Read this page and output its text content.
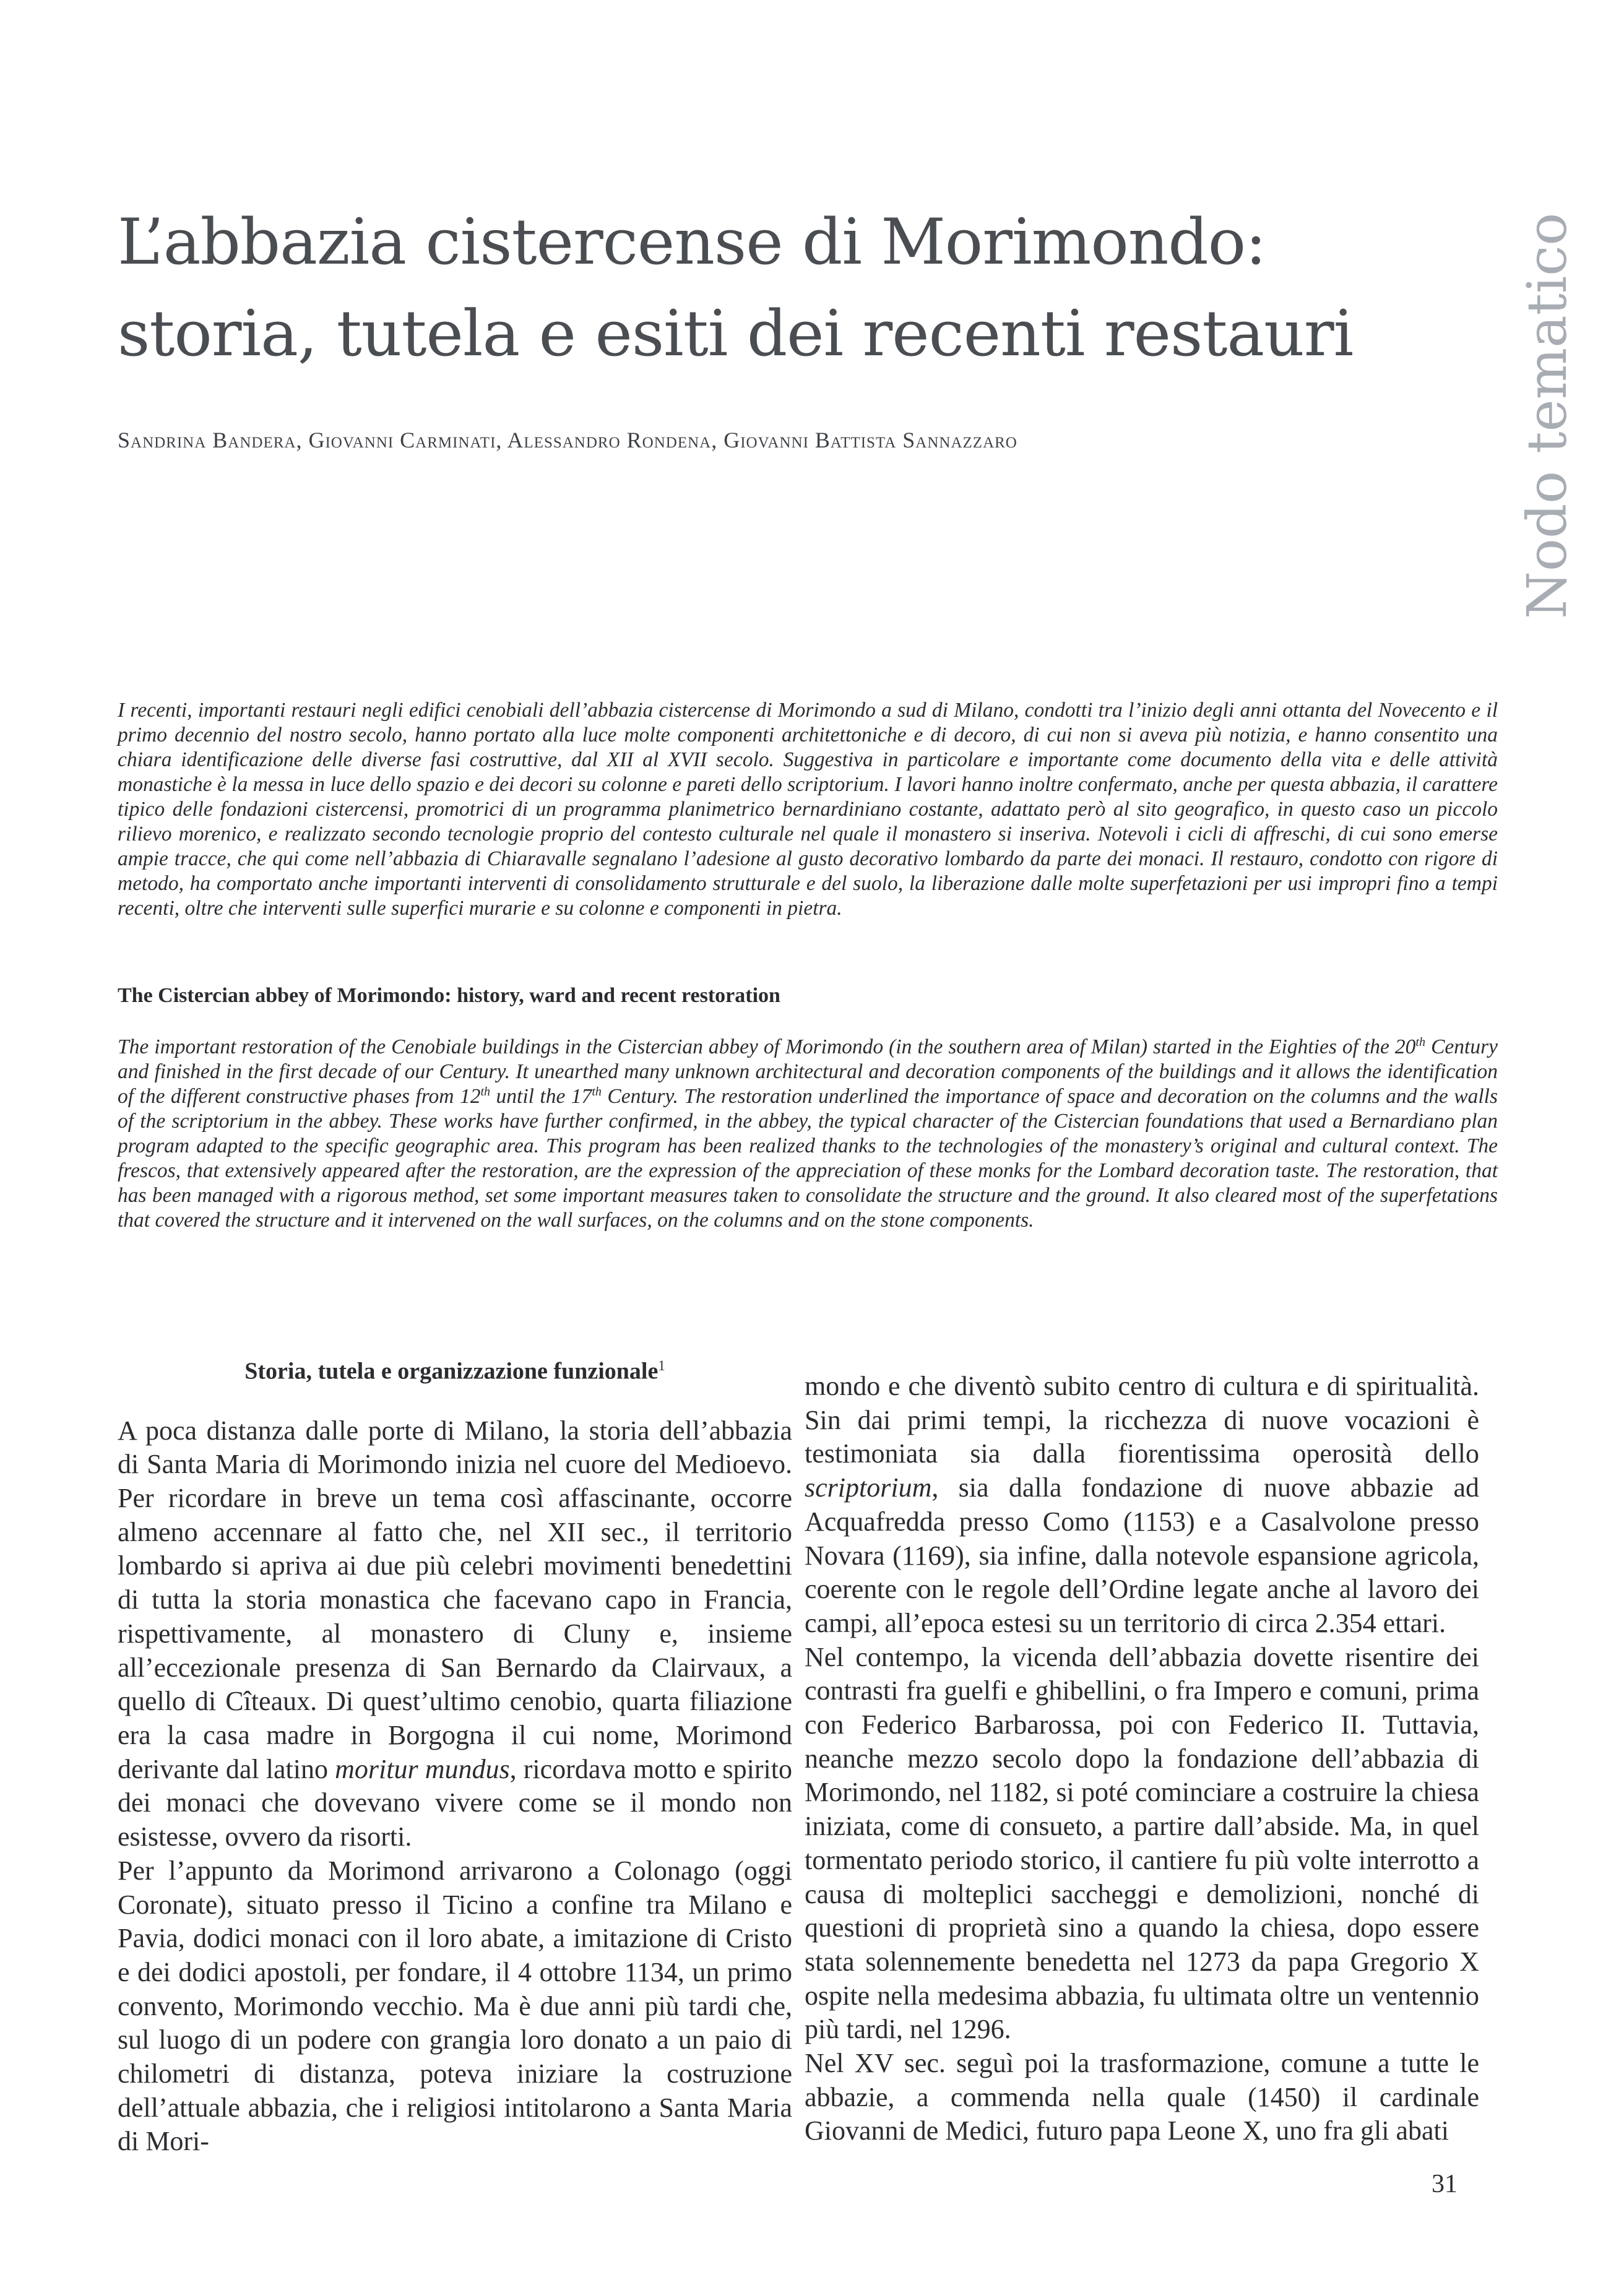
L’abbazia cistercense di Morimondo:
storia, tutela e esiti dei recenti restauri
Sandrina Bandera, Giovanni Carminati, Alessandro Rondena, Giovanni Battista Sannazzaro	Nodo tematico

I recenti, importanti restauri negli edifici cenobiali dell’abbazia cistercense di Morimondo a sud di Milano, condotti tra l’inizio degli anni ottanta del Novecento e il primo decennio del nostro secolo, hanno portato alla luce molte componenti architettoniche e di decoro, di cui non si aveva più notizia, e hanno consentito una chiara identificazione delle diverse fasi costruttive, dal XII al XVII secolo. Suggestiva in particolare e importante come documento della vita e delle attività monastiche è la messa in luce dello spazio e dei decori su colonne e pareti dello scriptorium. I lavori hanno inoltre confermato, anche per questa abbazia, il carattere tipico delle fondazioni cistercensi, promotrici di un programma planimetrico bernardiniano costante, adattato però al sito geografico, in questo caso un piccolo rilievo morenico, e realizzato secondo tecnologie proprio del contesto culturale nel quale il monastero si inseriva. Notevoli i cicli di affreschi, di cui sono emerse ampie tracce, che qui come nell’abbazia di Chiaravalle segnalano l’adesione al gusto decorativo lombardo da parte dei monaci. Il restauro, condotto con rigore di metodo, ha comportato anche importanti interventi di consolidamento strutturale e del suolo, la liberazione dalle molte superfetazioni per usi impropri fino a tempi recenti, oltre che interventi sulle superfici murarie e su colonne e componenti in pietra.

The Cistercian abbey of Morimondo: history, ward and recent restoration

The important restoration of the Cenobiale buildings in the Cistercian abbey of Morimondo (in the southern area of Milan) started in the Eighties of the 20th Century and finished in the first decade of our Century. It unearthed many unknown architectural and decoration components of the buildings and it allows the identification of the different constructive phases from 12th until the 17th Century. The restoration underlined the importance of space and decoration on the columns and the walls of the scriptorium in the abbey. These works have further confirmed, in the abbey, the typical character of the Cistercian foundations that used a Bernardiano plan program adapted to the specific geographic area. This program has been realized thanks to the technologies of the monastery’s original and cultural context. The frescos, that extensively appeared after the restoration, are the expression of the appreciation of these monks for the Lombard decoration taste. The restoration, that has been managed with a rigorous method, set some important measures taken to consolidate the structure and the ground. It also cleared most of the superfetations that covered the structure and it intervened on the wall surfaces, on the columns and on the stone components.

Storia, tutela e organizzazione funzionale$^1$

A poca distanza dalle porte di Milano, la storia dell’abbazia di Santa Maria di Morimondo inizia nel cuore del Medioevo. Per ricordare in breve un tema così affascinante, occorre almeno accennare al fatto che, nel XII sec., il territorio lombardo si apriva ai due più celebri movimenti benedettini di tutta la storia monastica che facevano capo in Francia, rispettivamente, al monastero di Cluny e, insieme all’eccezionale presenza di San Bernardo da Clairvaux, a quello di Cîteaux. Di quest’ultimo cenobio, quarta filiazione era la casa madre in Borgogna il cui nome, Morimond derivante dal latino moritur mundus, ricordava motto e spirito dei monaci che dovevano vivere come se il mondo non esistesse, ovvero da risorti.

Per l’appunto da Morimond arrivarono a Colonago (oggi Coronate), situato presso il Ticino a confine tra Milano e Pavia, dodici monaci con il loro abate, a imitazione di Cristo e dei dodici apostoli, per fondare, il 4 ottobre 1134, un primo convento, Morimondo vecchio. Ma è due anni più tardi che, sul luogo di un podere con grangia loro donato a un paio di chilometri di distanza, poteva iniziare la costruzione dell’attuale abbazia, che i religiosi intitolarono a Santa Maria di Mori-

mondo e che diventò subito centro di cultura e di spiritualità. Sin dai primi tempi, la ricchezza di nuove vocazioni è testimoniata sia dalla fiorentissima operosità dello scriptorium, sia dalla fondazione di nuove abbazie ad Acquafredda presso Como (1153) e a Casalvolone presso Novara (1169), sia infine, dalla notevole espansione agricola, coerente con le regole dell’Ordine legate anche al lavoro dei campi, all’epoca estesi su un territorio di circa 2.354 ettari.

Nel contempo, la vicenda dell’abbazia dovette risentire dei contrasti fra guelfi e ghibellini, o fra Impero e comuni, prima con Federico Barbarossa, poi con Federico II. Tuttavia, neanche mezzo secolo dopo la fondazione dell’abbazia di Morimondo, nel 1182, si poté cominciare a costruire la chiesa iniziata, come di consueto, a partire dall’abside. Ma, in quel tormentato periodo storico, il cantiere fu più volte interrotto a causa di molteplici saccheggi e demolizioni, nonché di questioni di proprietà sino a quando la chiesa, dopo essere stata solennemente benedetta nel 1273 da papa Gregorio X ospite nella medesima abbazia, fu ultimata oltre un ventennio più tardi, nel 1296.

Nel XV sec. seguì poi la trasformazione, comune a tutte le abbazie, a commenda nella quale (1450) il cardinale Giovanni de Medici, futuro papa Leone X, uno fra gli abati

31
